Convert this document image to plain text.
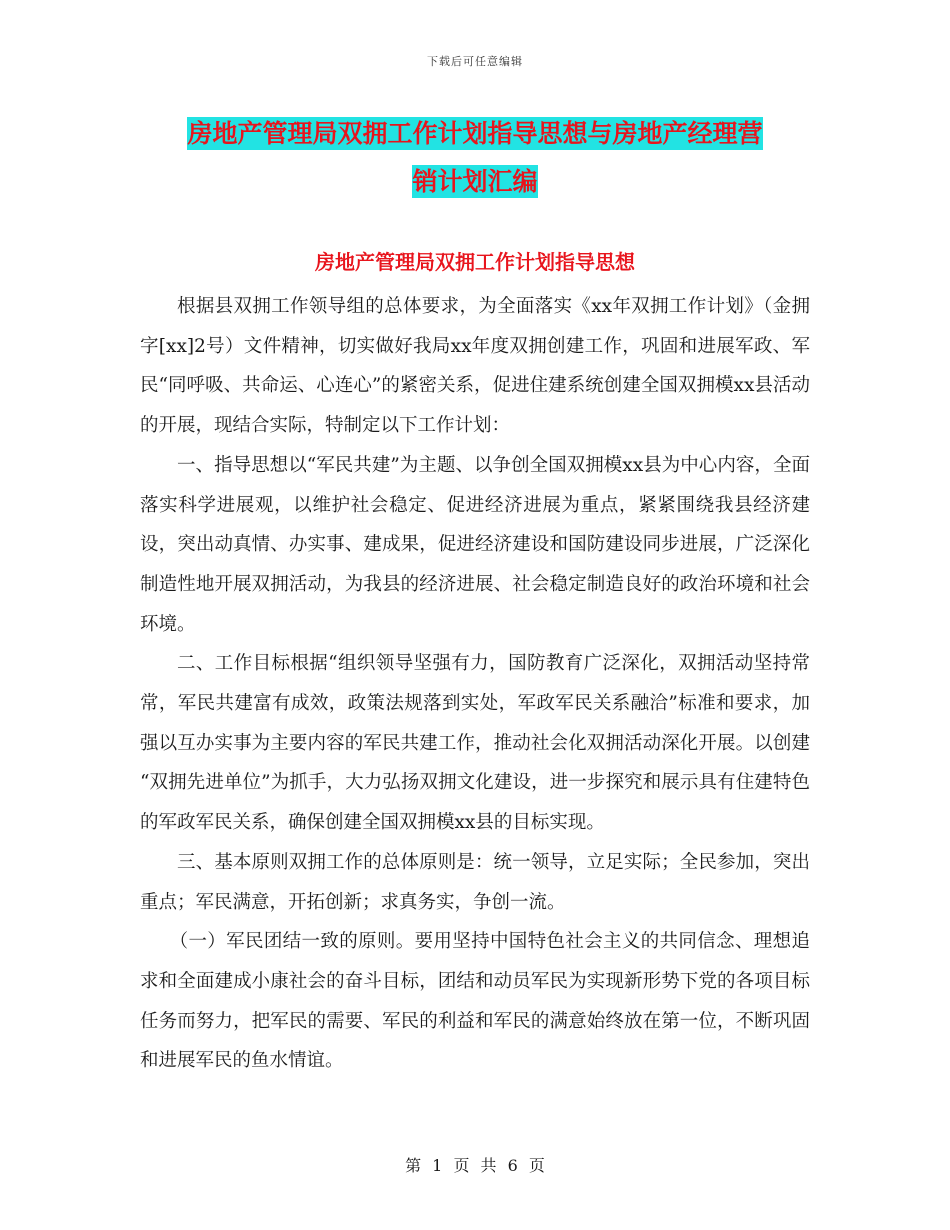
下载后可任意编辑
房地产管理局双拥工作计划指导思想与房地产经理营
销计划汇编
房地产管理局双拥工作计划指导思想

根据县双拥工作领导组的总体要求，为全面落实《xx年双拥工作计划》（金拥字[xx]2号）文件精神，切实做好我局xx年度双拥创建工作，巩固和进展军政、军民“同呼吸、共命运、心连心”的紧密关系，促进住建系统创建全国双拥模xx县活动的开展，现结合实际，特制定以下工作计划：

一、指导思想以“军民共建”为主题、以争创全国双拥模xx县为中心内容，全面落实科学进展观，以维护社会稳定、促进经济进展为重点，紧紧围绕我县经济建设，突出动真情、办实事、建成果，促进经济建设和国防建设同步进展，广泛深化制造性地开展双拥活动，为我县的经济进展、社会稳定制造良好的政治环境和社会环境。

二、工作目标根据“组织领导坚强有力，国防教育广泛深化，双拥活动坚持常常，军民共建富有成效，政策法规落到实处，军政军民关系融洽”标准和要求，加强以互办实事为主要内容的军民共建工作，推动社会化双拥活动深化开展。以创建 “双拥先进单位”为抓手，大力弘扬双拥文化建设，进一步探究和展示具有住建特色的军政军民关系，确保创建全国双拥模xx县的目标实现。

三、基本原则双拥工作的总体原则是：统一领导，立足实际；全民参加，突出重点；军民满意，开拓创新；求真务实，争创一流。

（一）军民团结一致的原则。要用坚持中国特色社会主义的共同信念、理想追求和全面建成小康社会的奋斗目标，团结和动员军民为实现新形势下党的各项目标任务而努力，把军民的需要、军民的利益和军民的满意始终放在第一位，不断巩固和进展军民的鱼水情谊。

第 1 页 共 6 页
